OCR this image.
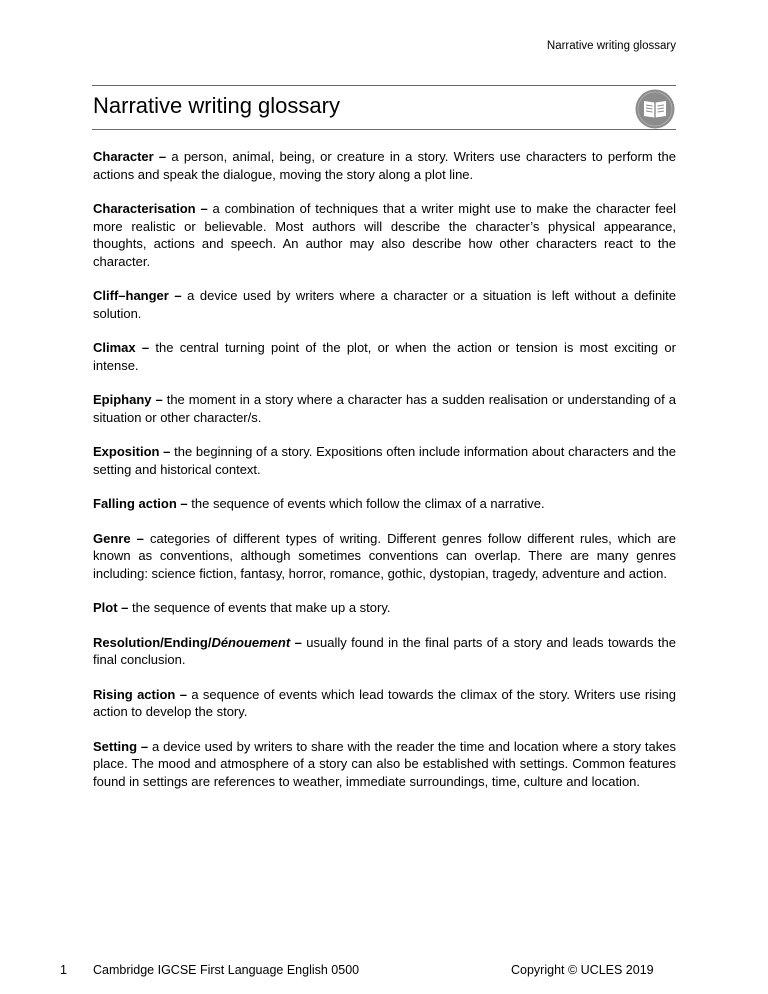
Narrative writing glossary
Narrative writing glossary

Character – a person, animal, being, or creature in a story. Writers use characters to perform the actions and speak the dialogue, moving the story along a plot line.

Characterisation – a combination of techniques that a writer might use to make the character feel more realistic or believable. Most authors will describe the character’s physical appearance, thoughts, actions and speech. An author may also describe how other characters react to the character.

Cliff–hanger – a device used by writers where a character or a situation is left without a definite solution.

Climax – the central turning point of the plot, or when the action or tension is most exciting or intense.

Epiphany – the moment in a story where a character has a sudden realisation or understanding of a situation or other character/s.

Exposition – the beginning of a story. Expositions often include information about characters and the setting and historical context.

Falling action – the sequence of events which follow the climax of a narrative.

Genre – categories of different types of writing. Different genres follow different rules, which are known as conventions, although sometimes conventions can overlap. There are many genres including: science fiction, fantasy, horror, romance, gothic, dystopian, tragedy, adventure and action.

Plot – the sequence of events that make up a story.

Resolution/Ending/Dénouement – usually found in the final parts of a story and leads towards the final conclusion.

Rising action – a sequence of events which lead towards the climax of the story. Writers use rising action to develop the story.

Setting – a device used by writers to share with the reader the time and location where a story takes place. The mood and atmosphere of a story can also be established with settings. Common features found in settings are references to weather, immediate surroundings, time, culture and location.

1 Cambridge IGCSE First Language English 0500	Copyright © UCLES 2019
